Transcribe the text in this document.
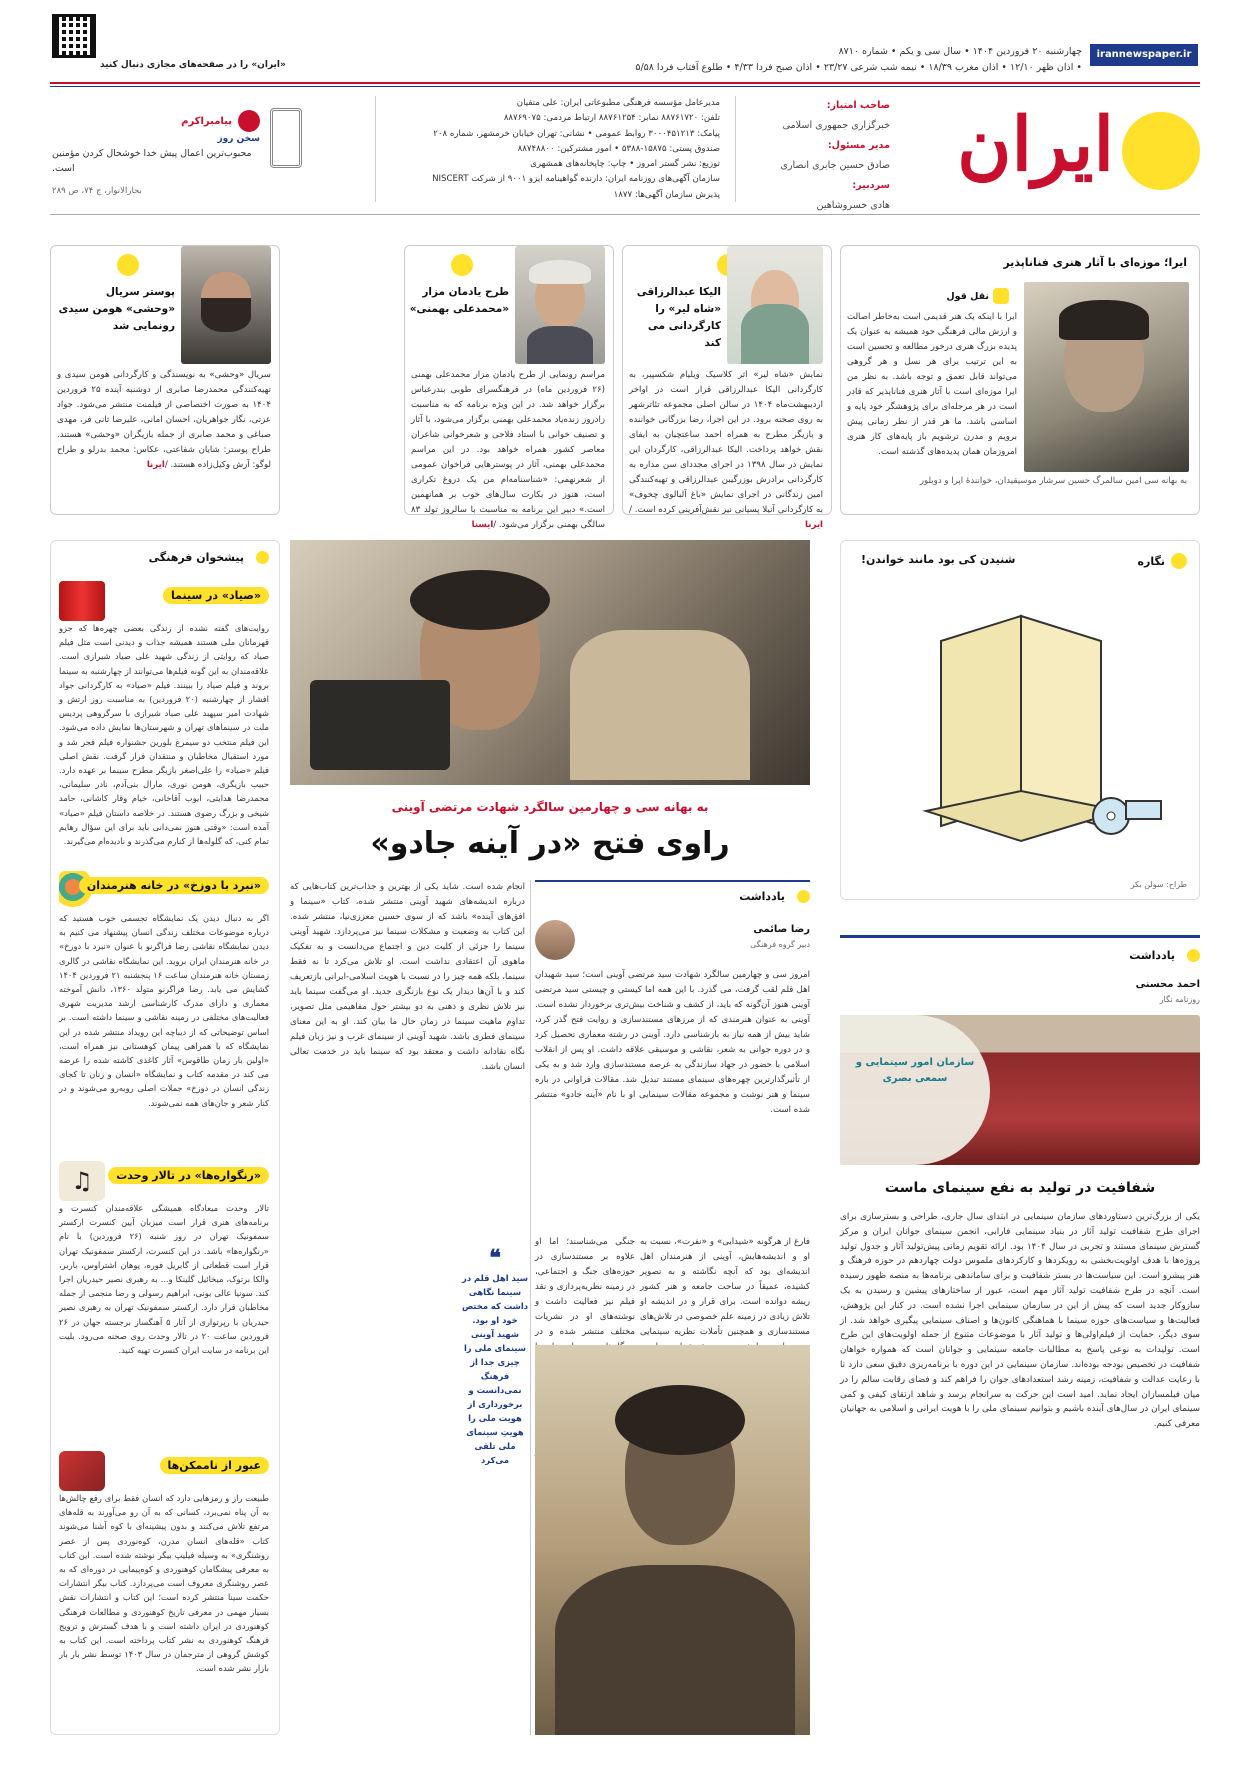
irannewspaper.ir
چهارشنبه ۲۰ فروردین ۱۴۰۴ • سال سی و یکم • شماره ۸۷۱۰
• اذان ظهر ۱۲/۱۰ • اذان مغرب ۱۸/۳۹ • نیمه شب شرعی ۲۳/۲۷ • اذان صبح فردا ۴/۳۳ • طلوع آفتاب فردا ۵/۵۸
«ایران» را در صفحه‌های مجازی دنبال کنید
ایران
صاحب امتیاز:
خبرگزاری جمهوری اسلامی
مدیر مسئول:
صادق حسین جابری انصاری
سردبیر:
هادی خسروشاهین
مدیرعامل مؤسسه فرهنگی مطبوعاتی ایران: علی متقیان
تلفن: ۸۸۷۶۱۷۲۰ نمابر: ۸۸۷۶۱۲۵۴ ارتباط مردمی: ۸۸۷۶۹۰۷۵
پیامک: ۳۰۰۰۴۵۱۲۱۳ روابط عمومی • نشانی: تهران خیابان خرمشهر، شماره ۲۰۸
صندوق پستی: ۱۵۸۷۵-۵۳۸۸ • امور مشترکین: ۸۸۷۴۸۸۰۰
توزیع: نشر گستر امروز • چاپ: چاپخانه‌های همشهری
سازمان آگهی‌های روزنامه ایران: دارنده گواهینامه ایزو ۹۰۰۱ از شرکت NISCERT
پذیرش سازمان آگهی‌ها: ۱۸۷۷
پیامبراکرم
سخن روز
محبوب‌ترین اعمال پیش خدا خوشحال کردن مؤمنین است.
بحارالانوار، ج ۷۴، ص ۲۸۹
ایرا؛ موزه‌ای با آثار هنری فناناپذیر
نقل قول
ایرا با اینکه یک هنر قدیمی است به‌خاطر اصالت و ارزش مالی فرهنگی خود همیشه به عنوان یک پدیده بزرگ هنری درخور مطالعه و تحسین است به این ترتیب برای هر نسل و هر گروهی می‌تواند قابل تعمق و توجه باشد. به نظر من ایرا موزه‌ای است با آثار هنری فناناپذیر که قادر است در هر مرحله‌ای برای پژوهشگر خود پایه و اساسی باشد. ما هر قدر از نظر زمانی پیش برویم و مدرن ترشویم باز پایه‌های کار هنری امروزمان همان پدیده‌های گذشته است.
به بهانه سی امین سالمرگ حسین سرشار موسیقیدان، خوانندهٔ اپرا و دوبلور
الیکا عبدالرزاقی «شاه لیر» را کارگردانی می کند
نمایش «شاه لیر» اثر کلاسیک ویلیام شکسپیر، به کارگردانی الیکا عبدالرزاقی قرار است در اواخر اردیبهشت‌ماه ۱۴۰۴ در سالن اصلی مجموعه تئاترشهر به روی صحنه برود. در این اجرا، رضا بزرگانی خواننده و بازیگر مطرح به همراه احمد ساعتچیان به ایفای نقش خواهد پرداخت. الیکا عبدالرزاقی، کارگردان این نمایش در سال ۱۳۹۸ در اجرای مجددای سن مداره به کارگردانی برادرش بوزرگیبن عبدالرزاقی و تهیه‌کنندگی امین زندگانی در اجرای نمایش «باغ آلبالوی چخوف» به کارگردانی آنیلا پسیانی نیز نقش‌آفرینی کرده است. /ایرنا
طرح یادمان مزار «محمدعلی بهمنی»
مراسم رونمایی از طرح یادمان مزار محمدعلی بهمنی (۲۶ فروردین ماه) در فرهنگسرای طوبی بندرعباس برگزار خواهد شد. در این ویژه برنامه که به مناسبت زادروز زنده‌یاد محمدعلی بهمنی برگزار می‌شود، با آثار و تصنیف خوانی با استاد فلاحی و شعرخوانی شاعران معاصر کشور همراه خواهد بود. در این مراسم محمدعلی بهمنی، آثار در پوسترهایی فراخوان عمومی از شعرنهمی: «شناسنامه‌ام من یک دروغ تکراری است، هنوز در بکارت سال‌های خوب بر همانهمین است.» دبیر این برنامه به مناسبت با سالروز تولد ۸۳ سالگی بهمنی برگزار می‌شود. /ایسنا
پوستر سریال «وحشی» هومن سیدی رونمایی شد
سریال «وحشی» به نویسندگی و کارگردانی هومن سیدی و تهیه‌کنندگی محمدرضا صابری از دوشنبه آینده ۲۵ فروردین ۱۴۰۴ به صورت اختصاصی از فیلمنت منتشر می‌شود. جواد عزتی، نگار جواهریان، احسان امانی، علیرضا ثانی فر، مهدی صباغی و محمد صابری از جمله بازیگران «وحشی» هستند. طراح پوستر: شایان شفاعتی، عکاس: محمد بدرلو و طراح لوگو: آرش وکیل‌زاده هستند. /ایرنا
نگاره
شنیدن کی بود مانند خواندن!
طراح: سولن بکر
یادداشت
احمد محسنی
روزنامه نگار
سازمان امور سینمایی و سمعی بصری
شفافیت در تولید به نفع سینمای ماست
یکی از بزرگ‌ترین دستاوردهای سازمان سینمایی در ابتدای سال جاری، طراحی و بسترسازی برای اجرای طرح شفافیت تولید آثار در بنیاد سینمایی فارابی، انجمن سینمای جوانان ایران و مرکز گسترش سینمای مستند و تجربی در سال ۱۴۰۴ بود. ارائه تقویم زمانی پیش‌تولید آثار و جدول تولید پروژه‌ها با هدف اولویت‌بخشی به رویکردها و کارکردهای ملموس دولت چهاردهم در حوزه فرهنگ و هنر پیشرو است. این سیاست‌ها در بستر شفافیت و برای ساماندهی برنامه‌ها به منصه ظهور رسیده است. آنچه در طرح شفافیت تولید آثار مهم است، عبور از ساختارهای پیشین و رسیدن به یک سازوکار جدید است که پیش از این در سازمان سینمایی اجرا نشده است. در کنار این پژوهش، فعالیت‌ها و سیاست‌های حوزه سینما با هماهنگی کانون‌ها و اصناف سینمایی پیگیری خواهد شد. از سوی دیگر، حمایت از فیلم‌اولی‌ها و تولید آثار با موضوعات متنوع از جمله اولویت‌های این طرح است. تولیدات به نوعی پاسخ به مطالبات جامعه سینمایی و جوانان است که همواره خواهان شفافیت در تخصیص بودجه بوده‌اند. سازمان سینمایی در این دوره با برنامه‌ریزی دقیق سعی دارد تا با رعایت عدالت و شفافیت، زمینه رشد استعدادهای جوان را فراهم کند و فضای رقابت سالم را در میان فیلمسازان ایجاد نماید. امید است این حرکت به سرانجام برسد و شاهد ارتقای کیفی و کمی سینمای ایران در سال‌های آینده باشیم و بتوانیم سینمای ملی را با هویت ایرانی و اسلامی به جهانیان معرفی کنیم.
به بهانه سی و چهارمین سالگرد شهادت مرتضی آوینی
راوی فتح «در آینه جادو»
یادداشت
رضا صائمی
دبیر گروه فرهنگی
امروز سی و چهارمین سالگرد شهادت سید مرتضی آوینی است؛ سید شهیدان اهل قلم لقب گرفت، می گذرد. با این همه اما کیستی و چیستی سید مرتضی آوینی هنوز آن‌گونه که باید، از کشف و شناخت بیش‌تری برخوردار نشده است. آوینی به عنوان هنرمندی که از مرزهای مستندسازی و روایت فتح گذر کرد، شاید بیش از همه نیاز به بازشناسی دارد. آوینی در رشته معماری تحصیل کرد و در دوره جوانی به شعر، نقاشی و موسیقی علاقه داشت. او پس از انقلاب اسلامی با حضور در جهاد سازندگی به عرصه مستندسازی وارد شد و به یکی از تأثیرگذارترین چهره‌های سینمای مستند تبدیل شد. مقالات فراوانی در باره سینما و هنر نوشت و مجموعه مقالات سینمایی او با نام «آینه جادو» منتشر شده است.
انجام شده است. شاید یکی از بهترین و جذاب‌ترین کتاب‌هایی که درباره اندیشه‌های شهید آوینی منتشر شده، کتاب «سینما و افق‌های آینده» باشد که از سوی حسین معززی‌نیا، منتشر شده. این کتاب به وضعیت و مشکلات سینما نیز می‌پردازد. شهید آوینی سینما را جزئی از کلیت دین و اجتماع می‌دانست و به تفکیک ماهوی آن اعتقادی نداشت است. او تلاش می‌کرد تا نه فقط سینما، بلکه همه چیز را در نسبت با هویت اسلامی-ایرانی بازتعریف کند و با آن‌ها دیدار یک نوع بازنگری جدید. او می‌گفت سینما باید نیز تلاش نظری و ذهنی به دو بیشتر حول مفاهیمی مثل تصویر، تداوم ماهیت سینما در زمان حال ما بیان کند. او به این معنای سینمای فطری باشد. شهید آوینی از سینمای غرب و نیز زبان فیلم نگاه نقادانه داشت و معتقد بود که سینما باید در خدمت تعالی انسان باشد.
فارغ از هرگونه «شیدایی» و «نفرت»، نسبت به او و اندیشه‌هایش، آوینی از هنرمندان اهل اندیشه‌ای بود که آنچه نگاشته و به تصویر کشیده، عمیقاً در ساحت جامعه و هنر کشور ریشه دوانده است. برای قرار و در اندیشه او تلاش زیادی در زمینه علم خصوصی در تلاش‌های مستندسازی و همچنین تأملات نظریه سینمایی
جنگی می‌شناسند؛ اما او علاوه بر مستندسازی در حوزه‌های جنگ و اجتماعی، در زمینه نظریه‌پردازی و نقد فیلم نیز فعالیت داشت و نوشته‌های او در نشریات مختلف منتشر شده و در
❝
سید اهل قلم در سینما نگاهی داشت که مختص خود او بود. شهید آوینی سینمای ملی را چیزی جدا از فرهنگ نمی‌دانست و برخورداری از هویت ملی را هویتِ سینمای ملی تلقی می‌کرد
پیشخوان فرهنگی
«صیاد» در سینما
روایت‌های گفته نشده از زندگی بعضی چهره‌ها که جزو قهرمانان ملی هستند همیشه جذاب و دیدنی است مثل فیلم صیاد که روایتی از زندگی شهید علی صیاد شیرازی است. علاقه‌مندان به این گونه فیلم‌ها می‌توانند از چهارشنبه به سینما بروند و فیلم صیاد را ببینند. فیلم «صیاد» به کارگردانی جواد افشار از چهارشنبه (۲۰ فروردین) به مناسبت روز ارتش و شهادت امیر سپهبد علی صیاد شیرازی با سرگروهی پردیس ملت در سینماهای تهران و شهرستان‌ها نمایش داده می‌شود. این فیلم منتخب دو سیمرغ بلورین جشنواره فیلم فجر شد و مورد استقبال مخاطبان و منتقدان قرار گرفت. نقش اصلی فیلم «صیاد» را علی‌اصغر بازیگر مطرح سینما بر عهده دارد. حبیب بازیگری، هومن نوری، مارال بنی‌آدم، نادر سلیمانی، محمدرضا هدایتی، ایوب آقاخانی، خیام وقار کاشانی، حامد شیخی و بزرگ رضوی هستند. در خلاصه داستان فیلم «صیاد» آمده است: «وقتی هنوز نمی‌دانی باید برای این سؤال رها‌یم تمام کنی، که گلوله‌ها از کنارم می‌گذرند و نادیده‌ام می‌گیرند.
«نبرد با دوزخ» در خانه هنرمندان
اگر به دنبال دیدن یک نمایشگاه تجسمی خوب هستید که درباره موضوعات مختلف زندگی انسان پیشنهاد می کنیم به دیدن نمایشگاه نقاشی رضا فراگرنو با عنوان «نبرد با دوزخ» در خانه هنرمندان ایران بروید. این نمایشگاه نقاشی در گالری زمستان خانه هنرمندان ساعت ۱۶ پنجشنبه ۲۱ فروردین ۱۴۰۴ گشایش می یابد. رضا فراگرنو متولد ۱۳۶۰، دانش آموخته معماری و دارای مدرک کارشناسی ارشد مدیریت شهری فعالیت‌های مختلفی در زمینه نقاشی و سینما داشته است. بر اساس توضیحاتی که از دیباچه این رویداد منتشر شده در این نمایشگاه که با همراهی پیمان کوهستانی نیز همراه است، «اولین بار زمان طاقوس» آثار کاغذی کاشته شده را عرضه می کند در مقدمه کتاب و نمایشگاه «انسان و زنان تا کجای زندگی انسان در دوزخ» جملات اصلی روبه‌رو می‌شوند و در کنار شعر و جان‌های همه نمی‌شوند.
♫	«رنگواره‌ها» در تالار وحدت
تالار وحدت میعادگاه همیشگی علاقه‌مندان کنسرت و برنامه‌های هنری قرار است میزبان آیین کنسرت ارکستر سمفونیک تهران در روز شنبه (۲۶ فروردین) با نام «رنگواره‌ها» باشد. در این کنسرت، ارکستر سمفونیک تهران قرار است قطعاتی از گابریل فوره، پوهان اشتراوس، باربر، والکا برتوک، میخائیل گلینکا و... به رهبری نصیر حیدریان اجرا کند. سونیا عالی بونی، ابراهیم رسولی و رضا منجمی از جمله مخاطبان قرار دارد. ارکستر سمفونیک تهران به رهبری نصیر حیدریان با رپرتواری از آثار ۵ آهنگساز برجسته جهان در ۲۶ فروردین ساعت ۲۰ در تالار وحدت روی صحنه می‌رود. بلیت این برنامه در سایت ایران کنسرت تهیه کنید.
عبور از ناممکن‌ها
طبیعت راز و رمزهایی دارد که انسان فقط برای رفع چالش‌ها به آن پناه نمی‌برد، کسانی که به آن رو می‌آورند به قله‌های مرتفع تلاش می‌کنند و بدون پیشینه‌ای با کوه آشنا می‌شوند کتاب «قله‌های انسان مدرن، کوه‌نوردی پس از عصر روشنگری» به وسیله فیلیپ بیگر نوشته شده است. این کتاب به معرفی پیشگامان کوهنوردی و کوه‌پیمایی در دوره‌ای که به عصر روشنگری معروف است می‌پردازد. کتاب بیگر انتشارات حکمت سینا منتشر کرده است؛ این کتاب و انتشارات نقش بسیار مهمی در معرفی تاریخ کوهنوردی و مطالعات فرهنگی کوهنوردی در ایران داشته است و با هدف گسترش و ترویج فرهنگ کوهنوردی به نشر کتاب پرداخته است. این کتاب به کوشش گروهی از مترجمان در سال ۱۴۰۳ توسط نشر بار بار بازار نشر شده است.
